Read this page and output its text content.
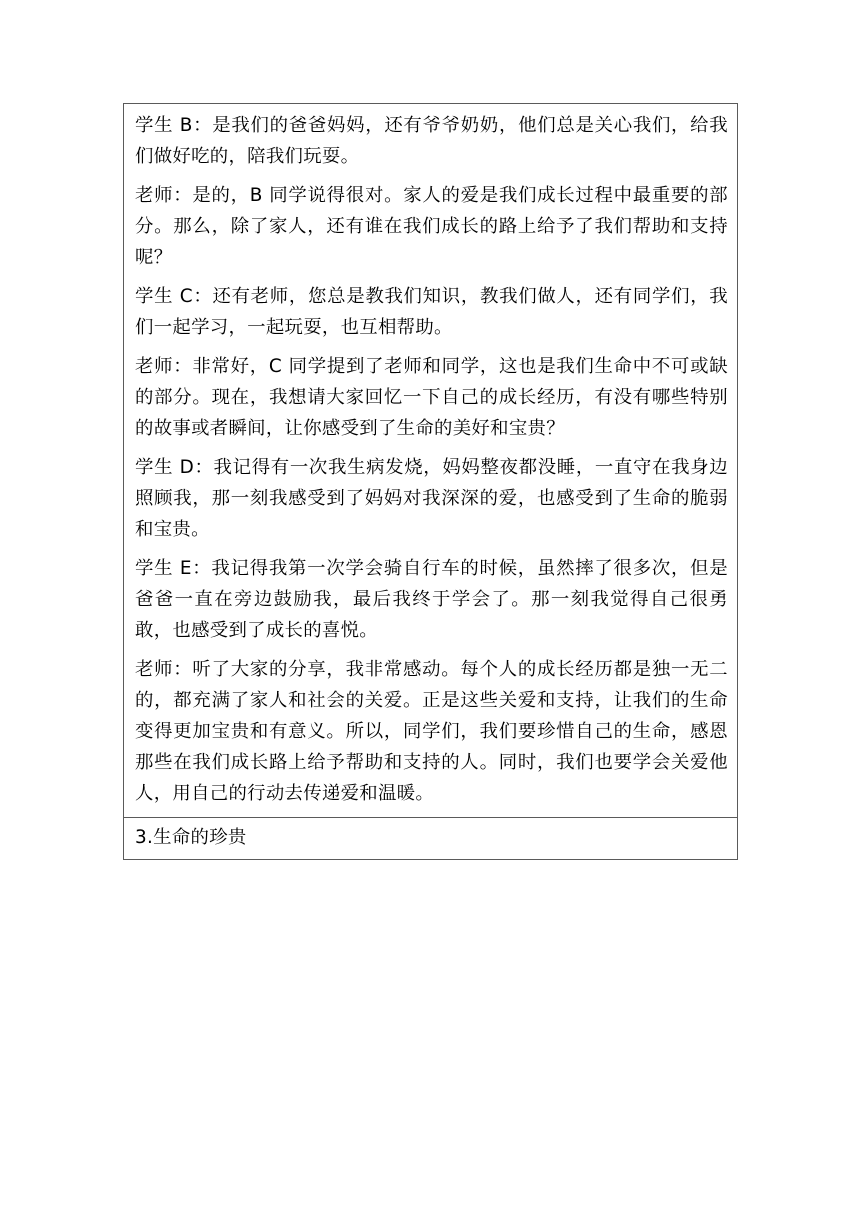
学生 B：是我们的爸爸妈妈，还有爷爷奶奶，他们总是关心我们，给我们做好吃的，陪我们玩耍。

老师：是的，B 同学说得很对。家人的爱是我们成长过程中最重要的部分。那么，除了家人，还有谁在我们成长的路上给予了我们帮助和支持呢？

学生 C：还有老师，您总是教我们知识，教我们做人，还有同学们，我们一起学习，一起玩耍，也互相帮助。

老师：非常好，C 同学提到了老师和同学，这也是我们生命中不可或缺的部分。现在，我想请大家回忆一下自己的成长经历，有没有哪些特别的故事或者瞬间，让你感受到了生命的美好和宝贵？

学生 D：我记得有一次我生病发烧，妈妈整夜都没睡，一直守在我身边照顾我，那一刻我感受到了妈妈对我深深的爱，也感受到了生命的脆弱和宝贵。

学生 E：我记得我第一次学会骑自行车的时候，虽然摔了很多次，但是爸爸一直在旁边鼓励我，最后我终于学会了。那一刻我觉得自己很勇敢，也感受到了成长的喜悦。

老师：听了大家的分享，我非常感动。每个人的成长经历都是独一无二的，都充满了家人和社会的关爱。正是这些关爱和支持，让我们的生命变得更加宝贵和有意义。所以，同学们，我们要珍惜自己的生命，感恩那些在我们成长路上给予帮助和支持的人。同时，我们也要学会关爱他人，用自己的行动去传递爱和温暖。

3.生命的珍贵
